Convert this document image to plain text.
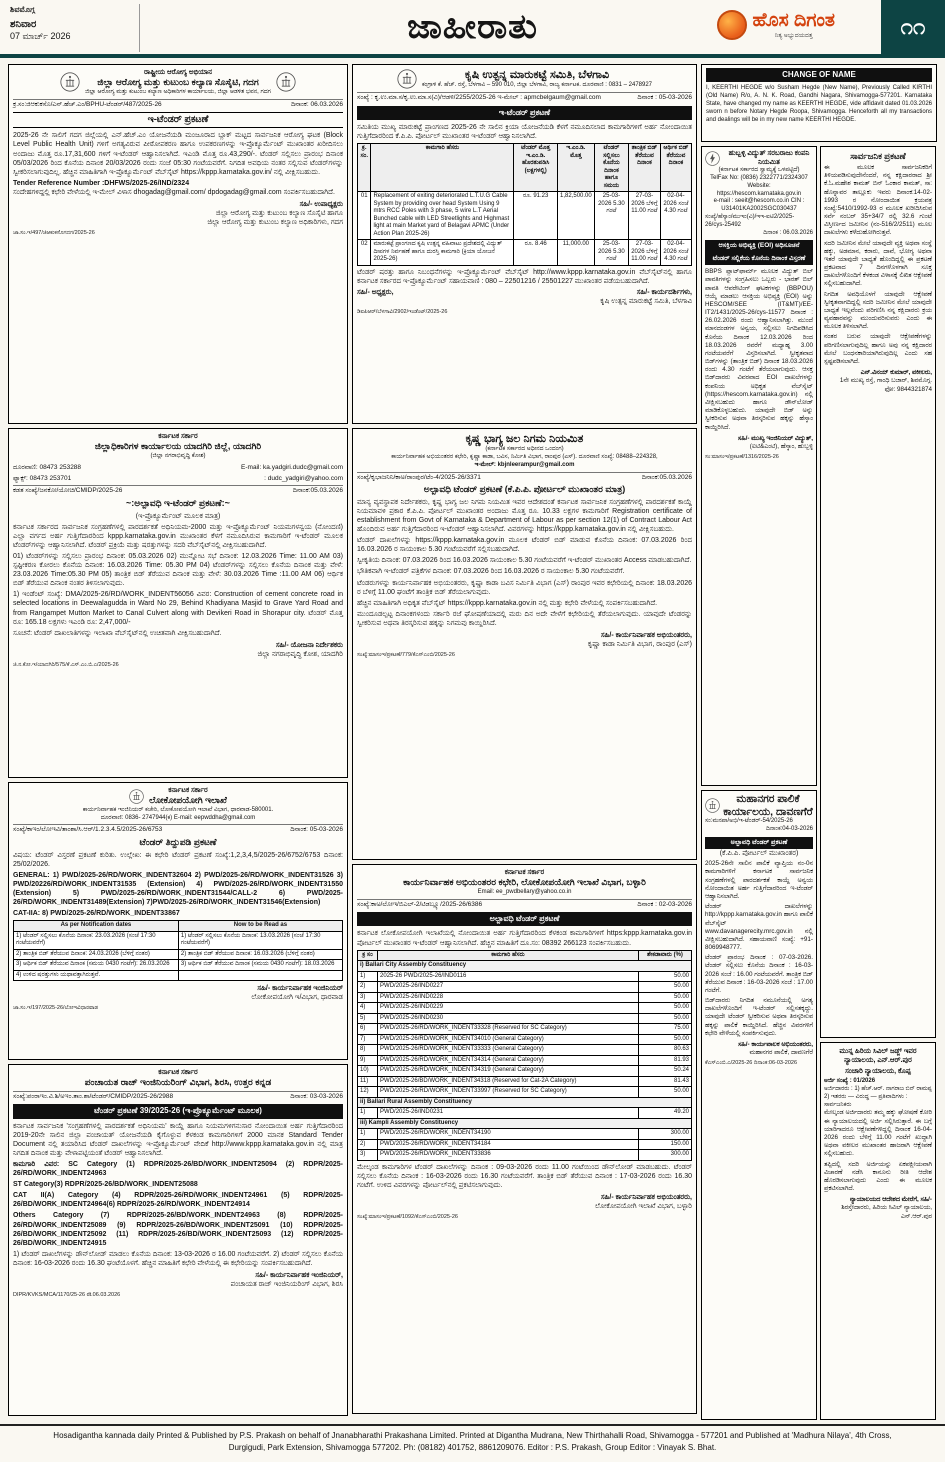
ಶಿವಮೊಗ್ಗ
ಶನಿವಾರ
07 ಮಾರ್ಚ್ 2026	ಜಾಹೀರಾತು	ಹೊಸ ದಿಗಂತ
ನಿತ್ಯ ಅಭ್ಯುದಯದತ್ತ	೧೧
ರಾಷ್ಟ್ರೀಯ ಆರೋಗ್ಯ ಅಭಿಯಾನ
ಜಿಲ್ಲಾ ಆರೋಗ್ಯ ಮತ್ತು ಕುಟುಂಬ ಕಲ್ಯಾಣ ಸೊಸೈಟಿ, ಗದಗ
ಜಿಲ್ಲಾ ಆರೋಗ್ಯ ಮತ್ತು ಕುಟುಂಬ ಕಲ್ಯಾಣ ಅಧಿಕಾರಿಗಳ ಕಾರ್ಯಾಲಯ, ಜಿಲ್ಲಾ ಆಡಳಿತ ಭವನ, ಗದಗ
ಕ್ರ.ಸಂ:ಜಿಆಕುಕಸೊ/ಎನ್.ಹೆಚ್.ಎಂ/BPHU-ಟೆಂಡರ್/487/2025-26	ದಿನಾಂಕ: 06.03.2026
ಇ-ಟೆಂಡರ್ ಪ್ರಕಟಣೆ

2025-26 ನೇ ಸಾಲಿಗೆ ಗದಗ ಜಿಲ್ಲೆಯಲ್ಲಿ ಎನ್.ಹೆಚ್.ಎಂ ಯೋಜನೆಯಡಿ ಮಂಜೂರಾದ ಬ್ಲಾಕ್ ಮಟ್ಟದ ಸಾರ್ವಜನಿಕ ಆರೋಗ್ಯ ಘಟಕ (Block Level Public Health Unit) ಗಳಿಗೆ ಅಗತ್ಯವಿರುವ ಪೀಠೋಪಕರಣ ಹಾಗೂ ಉಪಕರಣಗಳನ್ನು ಇ-ಪ್ರೊಕ್ಯೂರ್ಮೆಂಟ್ ಮುಖಾಂತರ ಖರೀದಿಸಲು ಅಂದಾಜು ಮೊತ್ತ ರೂ.17,31,600 ಗಳಿಗೆ ಇ-ಟೆಂಡರ್ ಆಹ್ವಾನಿಸಲಾಗಿದೆ. ಇಎಂಡಿ ಮೊತ್ತ ರೂ.43,290/-. ಟೆಂಡರ್ ಸಲ್ಲಿಸಲು ಪ್ರಾರಂಭ ದಿನಾಂಕ 05/03/2026 ರಿಂದ ಕೊನೆಯ ದಿನಾಂಕ 20/03/2026 ರಂದು ಸಂಜೆ 05:30 ಗಂಟೆಯವರೆಗೆ. ನಿಗದಿತ ಅವಧಿಯ ನಂತರ ಸಲ್ಲಿಸುವ ಟೆಂಡರ್‌ಗಳನ್ನು ಸ್ವೀಕರಿಸಲಾಗುವುದಿಲ್ಲ. ಹೆಚ್ಚಿನ ಮಾಹಿತಿಗಾಗಿ ಇ-ಪ್ರೊಕ್ಯೂರ್ಮೆಂಟ್ ವೆಬ್‌ಸೈಟ್ https://kppp.karnataka.gov.in/ ನಲ್ಲಿ ವೀಕ್ಷಿಸಬಹುದು.

Tender Reference Number :DHFWS/2025-26/IND/2324

ಸಂದೇಹಗಳಿದ್ದಲ್ಲಿ ಕಛೇರಿ ವೇಳೆಯಲ್ಲಿ ಇ-ಮೇಲ್ ವಿಳಾಸ dhogadag@gmail.com/ dpdogadag@gmail.com ಸಂಪರ್ಕಿಸಬಹುದಾಗಿದೆ.

ಸಹಿ/- ಉಪಾಧ್ಯಕ್ಷರು
ಜಿಲ್ಲಾ ಆರೋಗ್ಯ ಮತ್ತು ಕುಟುಂಬ ಕಲ್ಯಾಣ ಸೊಸೈಟಿ ಹಾಗೂ
ಜಿಲ್ಲಾ ಆರೋಗ್ಯ ಮತ್ತು ಕುಟುಂಬ ಕಲ್ಯಾಣ ಅಧಿಕಾರಿಗಳು, ಗದಗ
ಜಾ.ಸಂ.ಇ/497/ಜಿಆಕುಕಸೊಗದಗ/2025-26
ಕರ್ನಾಟಕ ಸರ್ಕಾರ
ಜಿಲ್ಲಾಧಿಕಾರಿಗಳ ಕಾರ್ಯಾಲಯ ಯಾದಗಿರಿ ಜಿಲ್ಲೆ, ಯಾದಗಿರಿ
(ಜಿಲ್ಲಾ ನಗರಾಭಿವೃದ್ಧಿ ಕೋಶ)
ದೂರವಾಣಿ: 08473 253288	E-mail: ka.yadgiri.dudc@gmail.com
ಫ್ಯಾಕ್ಸ್: 08473 253701	: dudc_yadgiri@yahoo.com
ಕಡತ ಸಂಖ್ಯೆ/ಜನಕೋ/ಯೋಚಿ/CMIDP/2025-26	ದಿನಾಂಕ:05.03.2026
~:ಅಲ್ಪಾವಧಿ ಇ-ಟೆಂಡರ್ ಪ್ರಕಟಣೆ:~
(ಇ-ಪ್ರೊಕ್ಯೂರ್ಮೆಂಟ್ ಮೂಲಕ ಮಾತ್ರ)

ಕರ್ನಾಟಕ ಸರ್ಕಾರದ ಸಾರ್ವಜನಿಕ ಸಂಗ್ರಹಣೆಗಳಲ್ಲಿ ಪಾರದರ್ಶಕತೆ ಅಧಿನಿಯಮ-2000 ಮತ್ತು ಇ-ಪ್ರೊಕ್ಯೂರ್ಮೆಂಟ್ ನಿಯಮಗಳನ್ವಯ (ನೋಂದಣಿ) ಎಲ್ಲಾ ವರ್ಗದ ಅರ್ಹ ಗುತ್ತಿಗೆದಾರರಿಂದ kppp.karnataka.gov.in ಮುಖಾಂತರ ಕೆಳಗೆ ನಮೂದಿಸಿರುವ ಕಾಮಗಾರಿಗೆ ಇ-ಟೆಂಡರ್ ಮೂಲಕ ಟೆಂಡರ್‌ಗಳನ್ನು ಆಹ್ವಾನಿಸಲಾಗಿದೆ. ಟೆಂಡರ್ ಪ್ರಕ್ರಿಯೆ ಮತ್ತು ಷರತ್ತುಗಳನ್ನು ಸದರಿ ವೆಬ್‌ಸೈಟ್‌ನಲ್ಲಿ ವೀಕ್ಷಿಸಬಹುದಾಗಿದೆ.

01) ಟೆಂಡರ್‌ಗಳನ್ನು ಸಲ್ಲಿಸಲು ಪ್ರಾರಂಭ ದಿನಾಂಕ: 05.03.2026 02) ಮುನ್ನೋಟ ಸಭೆ ದಿನಾಂಕ: 12.03.2026 Time: 11.00 AM 03) ಸ್ಪಷ್ಟೀಕರಣ ಕೋರಲು ಕೊನೆಯ ದಿನಾಂಕ: 16.03.2026 Time: 05.30 PM 04) ಟೆಂಡರ್‌ಗಳನ್ನು ಸಲ್ಲಿಸಲು ಕೊನೆಯ ದಿನಾಂಕ ಮತ್ತು ವೇಳೆ: 23.03.2026 Time:05.30 PM 05) ತಾಂತ್ರಿಕ ಬಿಡ್ ತೆರೆಯುವ ದಿನಾಂಕ ಮತ್ತು ವೇಳೆ: 30.03.2026 Time :11.00 AM 06) ಆರ್ಥಿಕ ಬಿಡ್ ತೆರೆಯುವ ದಿನಾಂಕ ನಂತರ ತಿಳಿಸಲಾಗುವುದು.

1) ಇಂಡೆಂಟ್ ಸಂಖ್ಯೆ: DMA/2025-26/RD/WORK_INDENT56056 ವಿವರ: Construction of cement concrete road in selected locations in Deewalagudda in Ward No 29, Behind Khadiyana Masjid to Grave Yard Road and from Rangampet Mutton Market to Canal Culvert along with Devikeri Road in Shorapur city. ಟೆಂಡರ್ ಮೊತ್ತ ರೂ: 165.18 ಲಕ್ಷಗಳು ಇಎಂಡಿ ರೂ: 2,47,000/-

ಸೂಚನೆ: ಟೆಂಡರ್ ದಾಖಲಾತಿಗಳನ್ನು ಇಲಾಖಾ ವೆಬ್‌ಸೈಟ್‌ನಲ್ಲಿ ಉಚಿತವಾಗಿ ವೀಕ್ಷಿಸಬಹುದಾಗಿದೆ.

ಸಹಿ/- ಯೋಜನಾ ನಿರ್ದೇಶಕರು
ಜಿಲ್ಲಾ ನಗರಾಭಿವೃದ್ಧಿ ಕೋಶ, ಯಾದಗಿರಿ
ಜಿ.ನ.ಕೋ.ಇ/ಯಾದಗಿರಿ/575/ಕೆ.ಎಸ್.ಎಂ.ಬಿ.ಎ/2025-26
ಕರ್ನಾಟಕ ಸರ್ಕಾರ
ಲೋಕೋಪಯೋಗಿ ಇಲಾಖೆ
ಕಾರ್ಯನಿರ್ವಾಹಕ ಇಂಜಿನಿಯರ್ ಕಚೇರಿ, ಲೋಕೋಪಯೋಗಿ ಇಲಾಖೆ ವಿಭಾಗ, ಧಾರವಾಡ-580001.
ದೂರವಾಣಿ: 0836- 2747944(ಕ) E-mail: eepwddha@gmail.com
ಸಂಖ್ಯೆ/ಕಾಇಂ/ಲೋಇವಿ/ತಾಂಶಾ/ಸಿ.ಆರ್/1.2.3.4.5/2025-26/6753	ದಿನಾಂಕ: 05-03-2026
ಟೆಂಡರ್ ತಿದ್ದುಪಡಿ ಪ್ರಕಟಣೆ

ವಿಷಯ: ಟೆಂಡರ್ ವಿಸ್ತರಣೆ ಪ್ರಕಟಣೆ ಕುರಿತು. ಉಲ್ಲೇಖ: ಈ ಕಛೇರಿ ಟೆಂಡರ್ ಪ್ರಕಟಣೆ ಸಂಖ್ಯೆ:1,2,3,4,5/2025-26/6752/6753 ದಿನಾಂಕ: 25/02/2026.

GENERAL: 1) PWD/2025-26/RD/WORK_INDENT32604 2) PWD/2025-26/RD/WORK_INDENT31526 3) PWD/20226/RD/WORK_INDENT31535 (Extension) 4) PWD/2025-26/RD/WORK_INDENT31550 (Extension) 5) PWD/2025-26/RD/WORK_INDENT31544/CALL-2 6) PWD/2025-26/RD/WORK_INDENT31489(Extension) 7)PWD/2025-26/RD/WORK_INDENT31546(Extension)

CAT-IIA: 8) PWD/2025-26/RD/WORK_INDENT33867

As per Notification dates	Now to be Read as
1) ಟೆಂಡರ್ ಸಲ್ಲಿಸಲು ಕೊನೆಯ ದಿನಾಂಕ: 23.03.2026 (ಸಂಜೆ 17:30 ಗಂಟೆಯವರೆಗೆ)	1) ಟೆಂಡರ್ ಸಲ್ಲಿಸಲು ಕೊನೆಯ ದಿನಾಂಕ: 13.03.2026 (ಸಂಜೆ 17:30 ಗಂಟೆಯವರೆಗೆ)
2) ತಾಂತ್ರಿಕ ಬಿಡ್ ತೆರೆಯುವ ದಿನಾಂಕ: 24.03.2026 (ಬೆಳಿಗ್ಗೆ ನಂತರ)	2) ತಾಂತ್ರಿಕ ಬಿಡ್ ತೆರೆಯುವ ದಿನಾಂಕ: 16.03.2026 (ಬೆಳಿಗ್ಗೆ ನಂತರ)
3) ಆರ್ಥಿಕ ಬಿಡ್ ತೆರೆಯುವ ದಿನಾಂಕ (ಸಮಯ 0430 ಗಂಟೆಗೆ): 26.03.2026	3) ಆರ್ಥಿಕ ಬಿಡ್ ತೆರೆಯುವ ದಿನಾಂಕ (ಸಮಯ 0430 ಗಂಟೆಗೆ): 18.03.2026
4) ಉಳಿದ ಷರತ್ತುಗಳು ಯಥಾವತ್ತಾಗಿರುತ್ತವೆ.	
ಸಹಿ/- ಕಾರ್ಯನಿರ್ವಾಹಕ ಇಂಜಿನಿಯರ್
ಲೋಕೋಪಯೋಗಿ ಇ/ವಿಭಾಗ, ಧಾರವಾಡ
ಜಾ.ಸಂ.ಇ/197/2025-26/ಲೋಇವಿಧಾರವಾಡ
ಕರ್ನಾಟಕ ಸರ್ಕಾರ
ಪಂಚಾಯತ ರಾಜ್ ಇಂಜಿನಿಯರಿಂಗ್ ವಿಭಾಗ, ಶಿರಸಿ, ಉತ್ತರ ಕನ್ನಡ
ಸಂಖ್ಯೆ:ಪಂರಾಇಂ.ವಿ.ಶಿ/ಅಇಂ.ತಾಂ.ಶಾ/ಟೆಂಡರ್/CMIDP/2025-26/2988	ದಿನಾಂಕ: 03-03-2026
ಟೆಂಡರ್ ಪ್ರಕಟಣೆ 39/2025-26 (ಇ-ಪ್ರೊಕ್ಯೂರ್ಮೆಂಟ್ ಮೂಲಕ)

ಕರ್ನಾಟಕ ಸಾರ್ವಜನಿಕ 'ಸಂಗ್ರಹಣೆಗಳಲ್ಲಿ ಪಾರದರ್ಶಕತೆ ಅಧಿನಿಯಮ' ಕಾಯ್ದೆ ಹಾಗೂ ನಿಯಮಗಳಿಗನುಸಾರ ನೋಂದಾಯಿತ ಅರ್ಹ ಗುತ್ತಿಗೆದಾರರಿಂದ 2019-20ನೇ ಸಾಲಿನ ಜಿಲ್ಲಾ ಪಂಚಾಯತ್ ಯೋಜನೆಯಡಿ ಕೈಗೊಳ್ಳುವ ಕೆಳಕಂಡ ಕಾಮಗಾರಿಗಳಿಗೆ 2000 ಮಾನಕ Standard Tender Document ನಲ್ಲಿ ತಯಾರಿಸಿದ ಟೆಂಡರ್ ದಾಖಲೆಗಳನ್ನು ಇ-ಪ್ರೊಕ್ಯೂರ್ಮೆಂಟ್ ವೇದಿಕೆ http://www.kppp.karnataka.gov.in ನಲ್ಲಿ ಮಾತ್ರ ನಿಗದಿತ ದಿನಾಂಕ ಮತ್ತು ವೇಳಾಪಟ್ಟಿಯಂತೆ ಟೆಂಡರ್ ಆಹ್ವಾನಿಸಲಾಗಿದೆ.

ಕಾಮಗಾರಿ ವಿವರ: SC Category (1) RDPR/2025-26/BD/WORK_INDENT25094 (2) RDPR/2025-26/RD/WORK_INDENT24963

ST Category(3) RDPR/2025-26/BD/WORK_INDENT25088

CAT II(A) Category (4) RDPR/2025-26/RD/WORK_INDENT24961 (5) RDPR/2025-26/BD/WORK_INDENT24964(6) RDPR/2025-26/RD/WORK_INDENT24914

Others Category (7) RDPR/2025-26/BD/WORK_INDENT24963 (8) RDPR/2025-26/RD/WORK_INDENT25089 (9) RDPR/2025-26/BD/WORK_INDENT25091 (10) RDPR/2025-26/BD/WORK_INDENT25092 (11) RDPR/2025-26/BD/WORK_INDENT25093 (12) RDPR/2025-26/BD/WORK_INDENT24915

1) ಟೆಂಡರ್ ದಾಖಲೆಗಳನ್ನು ಡೌನ್‌ಲೋಡ್ ಮಾಡಲು ಕೊನೆಯ ದಿನಾಂಕ: 13-03-2026 ರ 16.00 ಗಂಟೆಯವರೆಗೆ. 2) ಟೆಂಡರ್ ಸಲ್ಲಿಸಲು ಕೊನೆಯ ದಿನಾಂಕ: 16-03-2026 ರಂದು 16.30 ಘಂಟೆಯೊಳಗೆ. ಹೆಚ್ಚಿನ ಮಾಹಿತಿಗೆ ಕಛೇರಿ ವೇಳೆಯಲ್ಲಿ ಈ ಕಛೇರಿಯನ್ನು ಸಂಪರ್ಕಿಸಬಹುದಾಗಿದೆ.

ಸಹಿ/- ಕಾರ್ಯನಿರ್ವಾಹಕ ಇಂಜಿನಿಯರ್,
ಪಂಚಾಯತ ರಾಜ್ ಇಂಜಿನಿಯರಿಂಗ್ ವಿಭಾಗ, ಶಿರಸಿ
DIPR/KVKS/MCA/1170/25-26 dt.06.03.2026
ಕೃಷಿ ಉತ್ಪನ್ನ ಮಾರುಕಟ್ಟೆ ಸಮಿತಿ, ಬೆಳಗಾವಿ
ಕಂಗ್ರಾಳಿ ಕೆ. ಹೆಚ್. ರಸ್ತೆ, ಬೆಳಗಾವಿ – 590 010, ಜಿಲ್ಲಾ ಬೆಳಗಾವಿ, ರಾಜ್ಯ ಕರ್ನಾಟಕ. ದೂರವಾಣಿ : 0831 – 2478927
ಸಂಖ್ಯೆ : ಕೃ.ಉ.ಮಾ.ಸ/ಕೃ.ಉ.ಮಾ.ಸ(ವಿ)/ಆಡಳಿ/2255/2025-26 ಇ-ಮೇಲ್ : apmcbelgaum@gmail.com	ದಿನಾಂಕ : 05-03-2026
ಇ-ಟೆಂಡರ್ ಪ್ರಕಟಣೆ

ಸಮಿತಿಯ ಮುಖ್ಯ ಮಾರುಕಟ್ಟೆ ಪ್ರಾಂಗಣದ 2025-26 ನೇ ಸಾಲಿನ ಕ್ರಿಯಾ ಯೋಜನೆಯಡಿ ಕೆಳಗೆ ನಮೂದಿಸಲಾದ ಕಾಮಗಾರಿಗಳಿಗೆ ಅರ್ಹ ನೋಂದಾಯಿತ ಗುತ್ತಿಗೆದಾರರಿಂದ ಕೆ.ಪಿ.ಪಿ. ಪೋರ್ಟಲ್ ಮುಖಾಂತರ ಇ-ಟೆಂಡರ್ ಆಹ್ವಾನಿಸಲಾಗಿದೆ.

ಕ್ರ. ಸಂ.	ಕಾಮಗಾರಿ ಹೆಸರು	ಟೆಂಡರ್ ಮೊತ್ತ ಇ.ಎಂ.ಡಿ. ಹೊರತುಪಡಿಸಿ (ಲಕ್ಷಗಳಲ್ಲಿ)	ಇ.ಎಂ.ಡಿ. ಮೊತ್ತ	ಟೆಂಡರ್ ಸಲ್ಲಿಸಲು ಕೊನೆಯ ದಿನಾಂಕ ಹಾಗೂ ಸಮಯ	ತಾಂತ್ರಿಕ ಬಿಡ್ ತೆರೆಯುವ ದಿನಾಂಕ	ಆರ್ಥಿಕ ಬಿಡ್ ತೆರೆಯುವ ದಿನಾಂಕ
01	Replacement of exiting deteriorated L.T.U.G Cable System by providing over head System Using 9 mtrs RCC Poles with 3 phase, 5 wire L.T Aerial Bunched cable with LED Streetlights and Highmast light at main Market yard of Belagavi APMC (Under Action Plan 2025-26)	ರೂ. 91.23	1,82,500.00	25-03-2026 5.30 ಗಂಟೆ	27-03-2026 ಬೆಳಿಗ್ಗೆ 11.00 ಗಂಟೆ	02-04-2026 ಸಂಜೆ 4.30 ಗಂಟೆ
02	ಮಾರುಕಟ್ಟೆ ಪ್ರಾಂಗಣದ ಕೃಷಿ ಉತ್ಪನ್ನ ವಹಿವಾಟು ಪ್ರದೇಶದಲ್ಲಿ ವಿದ್ಯುತ್ ದೀಪಗಳ ನಿರ್ವಹಣೆ ಹಾಗೂ ದುರಸ್ತಿ ಕಾಮಗಾರಿ (ಕ್ರಿಯಾ ಯೋಜನೆ 2025-26)	ರೂ. 8.46	11,000.00	25-03-2026 5.30 ಗಂಟೆ	27-03-2026 ಬೆಳಿಗ್ಗೆ 11.00 ಗಂಟೆ	02-04-2026 ಸಂಜೆ 4.30 ಗಂಟೆ

ಟೆಂಡರ್ ಷರತ್ತು ಹಾಗೂ ನಿಬಂಧನೆಗಳನ್ನು ಇ-ಪ್ರೊಕ್ಯೂರ್ಮೆಂಟ್ ವೆಬ್‌ಸೈಟ್ http://www.kppp.karnataka.gov.in ವೆಬ್‌ಸೈಟ್‌ನಲ್ಲಿ ಹಾಗೂ ಕರ್ನಾಟಕ ಸರ್ಕಾರದ ಇ-ಪ್ರೊಕ್ಯೂರ್ಮೆಂಟ್ ಸಹಾಯವಾಣಿ : 080 – 22501216 / 25501227 ಮುಖಾಂತರ ಪಡೆಯಬಹುದಾಗಿದೆ.

ಸಹಿ/- ಅಧ್ಯಕ್ಷರು,	ಸಹಿ/- ಕಾರ್ಯದರ್ಶಿಗಳು,
ಕೃಷಿ ಉತ್ಪನ್ನ ಮಾರುಕಟ್ಟೆ ಸಮಿತಿ, ಬೆಳಗಾವಿ
ಡಿಐಪಿಆರ್/ಬೆಳಗಾವಿ/2902/ಇಂಡೆಂಟ್/2025-26
ಕೃಷ್ಣ ಭಾಗ್ಯ ಜಲ ನಿಗಮ ನಿಯಮಿತ
(ಕರ್ನಾಟಕ ಸರ್ಕಾರದ ಅಧೀನದ ಒಂದಂಗ)
ಕಾರ್ಯನಿರ್ವಾಹಕ ಅಭಿಯಂತರರ ಕಛೇರಿ, ಕೃಷ್ಣಾ ಕಾಡಾ, ಬವಿಸ, ನಿರ್ಮಿತಿ ವಿಭಾಗ, ರಾಂಪುರ (ಎಸ್). ದೂರವಾಣಿ ಸಂಖ್ಯೆ: 08488–224328,
ಇ-ಮೇಲ್: kbjnleerampur@gmail.com
ಸಂಖ್ಯೆ/ಕೃಭಾಜನಿನಿ/ಕಾಅ/ರಾಂಪುರ/ಟೆಂ-4/2025-26/3371	ದಿನಾಂಕ:05.03.2026
ಅಲ್ಪಾವಧಿ ಟೆಂಡರ್ ಪ್ರಕಟಣೆ (ಕೆ.ಪಿ.ಪಿ. ಪೋರ್ಟಲ್ ಮುಖಾಂತರ ಮಾತ್ರ)

ಮಾನ್ಯ ವ್ಯವಸ್ಥಾಪಕ ನಿರ್ದೇಶಕರು, ಕೃಷ್ಣ ಭಾಗ್ಯ ಜಲ ನಿಗಮ ನಿಯಮಿತ ಇವರ ಆದೇಶದಂತೆ ಕರ್ನಾಟಕ ಸಾರ್ವಜನಿಕ ಸಂಗ್ರಹಣೆಗಳಲ್ಲಿ ಪಾರದರ್ಶಕತೆ ಕಾಯ್ದೆ ನಿಯಮಾವಳಿ ಪ್ರಕಾರ ಕೆ.ಪಿ.ಪಿ. ಪೋರ್ಟಲ್ ಮುಖಾಂತರ ಅಂದಾಜು ಮೊತ್ತ ರೂ. 10.33 ಲಕ್ಷಗಳ ಕಾಮಗಾರಿಗೆ Registration certificate of establishment from Govt of Karnataka & Department of Labour as per section 12(1) of Contract Labour Act ಹೊಂದಿರುವ ಅರ್ಹ ಗುತ್ತಿಗೆದಾರರಿಂದ ಇ-ಟೆಂಡರ್ ಆಹ್ವಾನಿಸಲಾಗಿದೆ. ವಿವರಗಳನ್ನು https://kppp.karnataka.gov.in ನಲ್ಲಿ ವೀಕ್ಷಿಸಬಹುದು.

ಟೆಂಡರ್ ದಾಖಲೆಗಳನ್ನು https://kppp.karnataka.gov.in ಮೂಲಕ ಟೆಂಡರ್ ಬಿಡ್ ಮಾಡುವ ಕೊನೆಯ ದಿನಾಂಕ: 07.03.2026 ರಿಂದ 16.03.2026 ರ ಸಾಯಂಕಾಲ 5.30 ಗಂಟೆಯವರೆಗೆ ಸಲ್ಲಿಸಬಹುದಾಗಿದೆ.

ಸ್ವೀಕೃತಿಯ ದಿನಾಂಕ: 07.03.2026 ರಿಂದ 16.03.2026 ಸಾಯಂಕಾಲ 5.30 ಗಂಟೆಯವರೆಗೆ ಇ-ಟೆಂಡರ್ ಮುಖಾಂತರ Access ಮಾಡಬಹುದಾಗಿದೆ.

ಭೌತಿಕವಾಗಿ ಇ-ಟೆಂಡರ್ ಪತ್ರಿಕೆಗಳ ದಿನಾಂಕ: 07.03.2026 ರಿಂದ 16.03.2026 ರ ಸಾಯಂಕಾಲ 5.30 ಗಂಟೆಯವರೆಗೆ.

ಟೆಂಡರುಗಳನ್ನು ಕಾರ್ಯನಿರ್ವಾಹಕ ಅಭಿಯಂತರರು, ಕೃಷ್ಣಾ ಕಾಡಾ ಬವಿಸ ನಿರ್ಮಿತಿ ವಿಭಾಗ (ಎಸ್) ರಾಂಪುರ ಇವರ ಕಛೇರಿಯಲ್ಲಿ ದಿನಾಂಕ: 18.03.2026 ರ ಬೆಳಿಗ್ಗೆ 11.00 ಘಂಟೆಗೆ ತಾಂತ್ರಿಕ ಬಿಡ್ ತೆರೆಯಲಾಗುವುದು.

ಹೆಚ್ಚಿನ ಮಾಹಿತಿಗಾಗಿ ಅಧಿಕೃತ ವೆಬ್‌ಸೈಟ್ https://kppp.karnataka.gov.in ನಲ್ಲಿ ಮತ್ತು ಕಛೇರಿ ವೇಳೆಯಲ್ಲಿ ಸಂಪರ್ಕಿಸಬಹುದಾಗಿದೆ.

ಮುಂದೂಡಲ್ಪಟ್ಟ ದಿನಾಂಕಗಳಂದು ಸರ್ಕಾರಿ ರಜೆ ಘೋಷಣೆಯಾದಲ್ಲಿ ಮರು ದಿನ ಅದೇ ವೇಳೆಗೆ ಕಛೇರಿಯಲ್ಲಿ ತೆರೆಯಲಾಗುವುದು. ಯಾವುದೇ ಟೆಂಡರನ್ನು ಸ್ವೀಕರಿಸುವ ಅಥವಾ ತಿರಸ್ಕರಿಸುವ ಹಕ್ಕನ್ನು ನಿಗಮವು ಕಾಯ್ದಿರಿಸಿದೆ.

ಸಹಿ/- ಕಾರ್ಯನಿರ್ವಾಹಕ ಅಭಿಯಂತರರು,
ಕೃಷ್ಣಾ ಕಾಡಾ ನಿರ್ಮಿತಿ ವಿಭಾಗ, ರಾಂಪುರ (ಎಸ್)
ಸಂಖ್ಯೆ:ಮಾಸಂಇ/ಪ್ರಕಟಣೆ/779/ಕೆಎಸ್ಎಂಬಿ/2025-26
ಕರ್ನಾಟಕ ಸರ್ಕಾರ
ಕಾರ್ಯನಿರ್ವಾಹಕ ಅಭಿಯಂತರರ ಕಛೇರಿ, ಲೋಕೋಪಯೋಗಿ ಇಲಾಖೆ ವಿಭಾಗ, ಬಳ್ಳಾರಿ
Email: ee_pwdbellary@yahoo.co.in
ಸಂಖ್ಯೆ:ಕಾಅ/ಲೋಇ/ಬಿಎಲ್-2/ಟಿಡಬ್ಲ್ಯೂ/2025-26/6386	ದಿನಾಂಕ : 02-03-2026
ಅಲ್ಪಾವಧಿ ಟೆಂಡರ್ ಪ್ರಕಟಣೆ

ಕರ್ನಾಟಕ ಲೋಕೋಪಯೋಗಿ ಇಲಾಖೆಯಲ್ಲಿ ನೋಂದಾಯಿತ ಅರ್ಹ ಗುತ್ತಿಗೆದಾರರಿಂದ ಕೆಳಕಂಡ ಕಾಮಗಾರಿಗಳಿಗೆ https:kppp.karnataka.gov.in ಪೋರ್ಟಲ್ ಮುಖಾಂತರ ಇ-ಟೆಂಡರ್ ಆಹ್ವಾನಿಸಲಾಗಿದೆ. ಹೆಚ್ಚಿನ ಮಾಹಿತಿಗೆ ದೂ.ಸಂ: 08392 266123 ಸಂಪರ್ಕಿಸಬಹುದು.

ಕ್ರ ಸಂ	ಕಾಮಗಾರಿ ಹೆಸರು	ಶೇಕಡಾವಾರು (%)
i) Ballari City Assembly Constituency		
1)	2025-26 PWD/2025-26/IND0116	50.00
2)	PWD/2025-26/IND0227	50.00
3)	PWD/2025-26/IND0228	50.00
4)	PWD/2025-26/IND0229	50.00
5)	PWD/2025-26/IND0230	50.00
6)	PWD/2025-26/RD/WORK_INDENT33328 (Reserved for SC Category)	75.00
7)	PWD/2025-26/RD/WORK_INDENT34010 (General Category)	50.00
8)	PWD/2025-26/RD/WORK_INDENT33333 (General Category)	80.63
9)	PWD/2025-26/RD/WORK_INDENT34314 (General Category)	81.93
10)	PWD/2025-26/RD/WORK_INDENT34319 (General Category)	50.24
11)	PWD/2025-26/BD/WORK_INDENT34318 (Reserved for Cat-2A Category)	81.43
12)	PWD/2025-26/RD/WORK_INDENT33997 (Reserved for SC Category)	50.00
ii) Ballari Rural Assembly Constituency		
1)	PWD/2025-26/IND0231	49.20
iii) Kampli Assembly Constituency		
1)	PWD/2025-26/RD/WORK_INDENT34190	300.00
2)	PWD/2025-26/RD/WORK_INDENT34184	150.00
3)	PWD/2025-26/RD/WORK_INDENT33836	300.00

ಮೇಲ್ಕಂಡ ಕಾಮಗಾರಿಗಳ ಟೆಂಡರ್ ದಾಖಲೆಗಳನ್ನು ದಿನಾಂಕ : 09-03-2026 ರಂದು 11.00 ಗಂಟೆಯಿಂದ ಡೌನ್‌ಲೋಡ್ ಮಾಡಬಹುದು. ಟೆಂಡರ್ ಸಲ್ಲಿಸಲು ಕೊನೆಯ ದಿನಾಂಕ : 16-03-2026 ರಂದು 16.30 ಗಂಟೆಯವರೆಗೆ. ತಾಂತ್ರಿಕ ಬಿಡ್ ತೆರೆಯುವ ದಿನಾಂಕ : 17-03-2026 ರಂದು 16.30 ಗಂಟೆಗೆ. ಉಳಿದ ವಿವರಗಳನ್ನು ಪೋರ್ಟಲ್‌ನಲ್ಲಿ ಪ್ರಕಟಿಸಲಾಗುವುದು.

ಸಹಿ/- ಕಾರ್ಯನಿರ್ವಾಹಕ ಅಭಿಯಂತರರು,
ಲೋಕೋಪಯೋಗಿ ಇಲಾಖೆ ವಿಭಾಗ, ಬಳ್ಳಾರಿ
ಸಂಖ್ಯೆ:ಮಾಸಂಇ/ಪ್ರಕಟಣೆ/1092/ಕೆಎಸ್ಎಂಬಿ/2025-26
CHANGE OF NAME

I, KEERTHI HEGDE w/o Susham Hegde (New Name), Previously Called KIRTHI (Old Name) R/o, A. N. K. Road, Gandhi Nagara, Shivamogga-577201. Karnataka State, have changed my name as KEERTHI HEGDE, vide affidavit dated 01.03.2026 sworn n before Notary Hegde Roopa, Shivamogga. Henceforth all my transactions and dealings will be in my new name KEERTHI HEGDE.

ಹುಬ್ಬಳ್ಳಿ ವಿದ್ಯುತ್ ಸರಬರಾಜು ಕಂಪನಿ ನಿಯಮಿತ
(ಕರ್ನಾಟಕ ಸರ್ಕಾರದ ಸ್ವಾಮ್ಯಕ್ಕೆ ಒಳಪಟ್ಟಿದೆ)
TelFax No: (0836) 2322771/2324307
Website: https://hescom.karnataka.gov.in
e-mail : seeit@hescom.co.in CIN : U31401KA2002SGC030437
ಸಂಖ್ಯೆ/ಹೆಸ್ಕಾಂ/ಮುಇಂ(ವಿ)/ಇಇ-ಐಟಿ2/2025-26/cys-25492
ದಿನಾಂಕ : 06.03.2026
ಆಸಕ್ತಿಯ ಅಭಿವ್ಯಕ್ತಿ (EOI) ಅಧಿಸೂಚನೆ
ಟೆಂಡರ್ ಸಲ್ಲಿಕೆಯ ಕೊನೆಯ ದಿನಾಂಕ ವಿಸ್ತರಣೆ

BBPS ಪ್ಲಾಟ್‌ಫಾರ್ಮ್ ಮೂಲಕ ವಿದ್ಯುತ್ ಬಿಲ್ ಪಾವತಿಗಳನ್ನು ಸಂಗ್ರಹಿಸಲು ಒಬ್ಬರು - ಭಾರತ್ ಬಿಲ್ ಪಾವತಿ ಆಪರೇಟಿಂಗ್ ಘಟಕಗಳನ್ನು (BBPOU) ಆಯ್ಕೆ ಮಾಡಲು ಆಸಕ್ತಿಯ ಅಭಿವ್ಯಕ್ತಿ (EOI) ಅನ್ನು HESCOM/SEE (IT&MT)/EE-IT2/1431/2025-26/cys-11577 ದಿನಾಂಕ : 26.02.2026 ರಂದು ಆಹ್ವಾನಿಸಲಾಗಿತ್ತು. ಮುಂದೆ ಮಾನದಂಡಗಳ ಅನ್ವಯ, ಸಲ್ಲಿಸಲು ನಿಗದಿಪಡಿಸಿದ ಕೊನೆಯ ದಿನಾಂಕ 12.03.2026 ರಿಂದ 18.03.2026 ರವರೆಗೆ ಮಧ್ಯಾಹ್ನ 3.00 ಗಂಟೆಯವರೆಗೆ ವಿಸ್ತರಿಸಲಾಗಿದೆ. ಸ್ವೀಕೃತವಾದ ಬಿಡ್‌ಗಳನ್ನು (ತಾಂತ್ರಿಕ ಬಿಡ್) ದಿನಾಂಕ 18.03.2026 ರಂದು 4.30 ಗಂಟೆಗೆ ತೆರೆಯಲಾಗುವುದು. ಆಸಕ್ತ ಬಿಡ್‌ದಾರರು ವಿವರವಾದ EOI ದಾಖಲೆಗಳನ್ನು ಕಂಪನಿಯ ಅಧಿಕೃತ ವೆಬ್‌ಸೈಟ್ (https://hescom.karnataka.gov.in) ನಲ್ಲಿ ವೀಕ್ಷಿಸಬಹುದು ಹಾಗೂ ಡೌನ್‌ಲೋಡ್ ಮಾಡಿಕೊಳ್ಳಬಹುದು. ಯಾವುದೇ ಬಿಡ್ ಅನ್ನು ಸ್ವೀಕರಿಸುವ ಅಥವಾ ತಿರಸ್ಕರಿಸುವ ಹಕ್ಕನ್ನು ಹೆಸ್ಕಾಂ ಕಾಯ್ದಿರಿಸಿದೆ.

ಸಹಿ/- ಮುಖ್ಯ ಇಂಜಿನಿಯರ್ ವಿದ್ಯುತ್,
(ಐಟಿ&ಎಂಟಿ), ಹೆಸ್ಕಾಂ, ಹುಬ್ಬಳ್ಳಿ
ಸಂ:ಮಾಸಂಇ/ಪ್ರಕಟಣೆ/1316/2025-26
ಮಹಾನಗರ ಪಾಲಿಕೆ ಕಾರ್ಯಾಲಯ, ದಾವಣಗೆರೆ
ಸಂ:ಮನಪಾ/ಅಭಿ/ಇ-ಟೆಂಡರ್-54/2025-26
ದಿನಾಂಕ:04-03-2026
ಅಲ್ಪಾವಧಿ ಟೆಂಡರ್ ಪ್ರಕಟಣೆ
(ಕೆ.ಪಿ.ಪಿ. ಪೋರ್ಟಲ್ ಮುಖಾಂತರ)

2025-26ನೇ ಸಾಲಿನ ಪಾಲಿಕೆ ವ್ಯಾಪ್ತಿಯ ನಂ-0ನ ಕಾಮಗಾರಿಗಳಿಗೆ ಕರ್ನಾಟಕ ಸಾರ್ವಜನಿಕ ಸಂಗ್ರಹಣೆಗಳಲ್ಲಿ ಪಾರದರ್ಶಕತೆ ಕಾಯ್ದೆ ಅನ್ವಯ ನೋಂದಾಯಿತ ಅರ್ಹ ಗುತ್ತಿಗೆದಾರರಿಂದ ಇ-ಟೆಂಡರ್ ಆಹ್ವಾನಿಸಲಾಗಿದೆ.

ಟೆಂಡರ್ ದಾಖಲೆಗಳನ್ನು http://kppp.karnataka.gov.in ಹಾಗೂ ಪಾಲಿಕೆ ವೆಬ್‌ಸೈಟ್ www.davanagerecity.mrc.gov.in ನಲ್ಲಿ ವೀಕ್ಷಿಸಬಹುದಾಗಿದೆ. ಸಹಾಯವಾಣಿ ಸಂಖ್ಯೆ: +91-8069948777.

ಟೆಂಡರ್ ಪ್ರಾರಂಭ ದಿನಾಂಕ : 07-03-2026. ಟೆಂಡರ್ ಸಲ್ಲಿಸಲು ಕೊನೆಯ ದಿನಾಂಕ : 16-03-2026 ಸಂಜೆ : 16.00 ಗಂಟೆಯವರೆಗೆ. ತಾಂತ್ರಿಕ ಬಿಡ್ ತೆರೆಯುವ ದಿನಾಂಕ : 16-03-2026 ಸಂಜೆ : 17.00 ಗಂಟೆಗೆ.

ಬಿಡ್‌ದಾರರು ನಿಗದಿತ ನಮೂನೆಯಲ್ಲಿ ಅಗತ್ಯ ದಾಖಲೆಗಳೊಂದಿಗೆ ಇ-ಟೆಂಡರ್ ಸಲ್ಲಿಸತಕ್ಕದ್ದು. ಯಾವುದೇ ಟೆಂಡರ್ ಸ್ವೀಕರಿಸುವ ಅಥವಾ ತಿರಸ್ಕರಿಸುವ ಹಕ್ಕನ್ನು ಪಾಲಿಕೆ ಕಾಯ್ದಿರಿಸಿದೆ. ಹೆಚ್ಚಿನ ವಿವರಗಳಿಗೆ ಕಛೇರಿ ವೇಳೆಯಲ್ಲಿ ಸಂಪರ್ಕಿಸುವುದು.

ಸಹಿ/- ಕಾರ್ಯಪಾಲಕ ಅಭಿಯಂತರರು,
ಮಹಾನಗರ ಪಾಲಿಕೆ, ದಾವಣಗೆರೆ
ಕೆಎಸ್ಎಂಬಿ.ಎ/2025-26 ದಿನಾಂಕ:06-03-2026
ಸಾರ್ವಜನಿಕ ಪ್ರಕಟಣೆ

ಈ ಮೂಲಕ ಸಾರ್ವಜನಿಕರಿಗೆ ತಿಳಿಯಪಡಿಸುವುದೇನೆಂದರೆ, ನನ್ನ ಕಕ್ಷಿದಾರರಾದ ಶ್ರೀ ಕೆ.ಓ.ಮಹೇಶ ಕಾಮತ್ ಬಿನ್ ಓಂಕಾರ ಕಾಮತ್, ಸಾ: ಹೊನ್ನಾವರ ತಾಲ್ಲೂಕು ಇವರು ದಿನಾಂಕ:14-02-1993 ರ ನೋಂದಾಯಿತ ಕ್ರಯಪತ್ರ ಸಂಖ್ಯೆ:5410/1992-93 ರ ಮೂಲಕ ಖರೀದಿಸಿರುವ ಸರ್ವೆ ನಂಬರ್ 35+34/7 ರಲ್ಲಿ 32.6 ಗುಂಟೆ ವಿಸ್ತೀರ್ಣದ ಜಮೀನಿನ (ನಂ-516/2/2511) ಮೂಲ ದಾಖಲೆಗಳು ಕಳೆದುಹೋಗಿರುತ್ತವೆ.

ಸದರಿ ಜಮೀನಿನ ಮೇಲೆ ಯಾವುದೇ ವ್ಯಕ್ತಿ ಅಥವಾ ಸಂಸ್ಥೆ ಹಕ್ಕು, ಅಡಮಾನ, ಕರಾರು, ದಾವೆ, ಭೋಗ್ಯ ಅಥವಾ ಇತರೆ ಯಾವುದೇ ಬಾಧ್ಯತೆ ಹೊಂದಿದ್ದಲ್ಲಿ ಈ ಪ್ರಕಟಣೆ ಪ್ರಕಟವಾದ 7 ದಿನಗಳೊಳಗಾಗಿ ಸೂಕ್ತ ದಾಖಲೆಗಳೊಂದಿಗೆ ಕೆಳಕಂಡ ವಿಳಾಸಕ್ಕೆ ಲಿಖಿತ ಆಕ್ಷೇಪಣೆ ಸಲ್ಲಿಸಬಹುದಾಗಿದೆ.

ನಿಗದಿತ ಅವಧಿಯೊಳಗೆ ಯಾವುದೇ ಆಕ್ಷೇಪಣೆ ಸ್ವೀಕೃತವಾಗದಿದ್ದಲ್ಲಿ ಸದರಿ ಜಮೀನಿನ ಮೇಲೆ ಯಾವುದೇ ಬಾಧ್ಯತೆ ಇಲ್ಲವೆಂದು ಪರಿಗಣಿಸಿ ನನ್ನ ಕಕ್ಷಿದಾರರು ಕ್ರಯ ವ್ಯವಹಾರವನ್ನು ಮುಂದುವರಿಸುವರು ಎಂದು ಈ ಮೂಲಕ ತಿಳಿಸಲಾಗಿದೆ.

ನಂತರ ಬರುವ ಯಾವುದೇ ಆಕ್ಷೇಪಣೆಗಳನ್ನು ಪರಿಗಣಿಸಲಾಗುವುದಿಲ್ಲ ಹಾಗೂ ಅವು ನನ್ನ ಕಕ್ಷಿದಾರರ ಮೇಲೆ ಬಂಧನಕಾರಿಯಾಗಿರುವುದಿಲ್ಲ ಎಂದು ಸಹ ಸ್ಪಷ್ಟಪಡಿಸಲಾಗಿದೆ.

ಎನ್.ವಿನಯ್ ಕುಮಾರ್, ವಕೀಲರು,
1ನೇ ಮುಖ್ಯ ರಸ್ತೆ, ಗಾಂಧಿ ಬಜಾರ್, ಶಿವಮೊಗ್ಗ.
ಫೋ: 9844321874
ಮುನ್ನ ಹಿರಿಯ ಸಿವಿಲ್ ಜಡ್ಜ್ ಇವರ ನ್ಯಾಯಾಲಯ, ಎನ್.ಆರ್.ಪುರ
ಸಂಚಾರಿ ನ್ಯಾಯಾಲಯ, ಕೊಪ್ಪ
ಅರ್ಜಿ ಸಂಖ್ಯೆ : 01/2026
ಅರ್ಜಿದಾರರು : 1) ಹೆಚ್.ಆರ್. ನಾಗರಾಜ ಬಿನ್ ರಾಮಪ್ಪ 2) ಇತರರು — ವಿರುದ್ಧ — ಪ್ರತಿವಾದಿಗಳು : ಸಾರ್ವಜನಿಕರು

ಮೇಲ್ಕಂಡ ಅರ್ಜಿದಾರರು ತಮ್ಮ ಹಕ್ಕು ಘೋಷಣೆ ಕೋರಿ ಈ ನ್ಯಾಯಾಲಯದಲ್ಲಿ ಅರ್ಜಿ ಸಲ್ಲಿಸಿರುತ್ತಾರೆ. ಈ ಬಗ್ಗೆ ಯಾರಿಗಾದರೂ ಆಕ್ಷೇಪಣೆಗಳಿದ್ದಲ್ಲಿ ದಿನಾಂಕ 16-04-2026 ರಂದು ಬೆಳಿಗ್ಗೆ 11.00 ಗಂಟೆಗೆ ಖುದ್ದಾಗಿ ಅಥವಾ ವಕೀಲರ ಮುಖಾಂತರ ಹಾಜರಾಗಿ ಆಕ್ಷೇಪಣೆ ಸಲ್ಲಿಸಬಹುದು.

ತಪ್ಪಿದಲ್ಲಿ ಸದರಿ ಅರ್ಜಿಯನ್ನು ಏಕಪಕ್ಷೀಯವಾಗಿ ವಿಚಾರಣೆ ನಡೆಸಿ ಕಾನೂನು ರೀತಿ ಆದೇಶ ಹೊರಡಿಸಲಾಗುವುದು ಎಂದು ಈ ಮೂಲಕ ಪ್ರಕಟಿಸಲಾಗಿದೆ.

ನ್ಯಾಯಾಲಯದ ಆದೇಶದ ಮೇರೆಗೆ, ಸಹಿ/-
ಶಿರಸ್ತೇದಾರರು, ಹಿರಿಯ ಸಿವಿಲ್ ನ್ಯಾಯಾಲಯ, ಎನ್.ಆರ್.ಪುರ
Hosadigantha kannada daily Printed & Published by P.S. Prakash on behalf of Jnanabharathi Prakashana Limited. Printed at Digantha Mudrana, New Thirthahalli Road, Shivamogga - 577201 and Published at 'Madhura Nilaya', 4th Cross, Durgigudi, Park Extension, Shivamogga 577202. Ph: (08182) 401752, 8861209076. Editor : P.S. Prakash, Group Editor : Vinayak S. Bhat.
